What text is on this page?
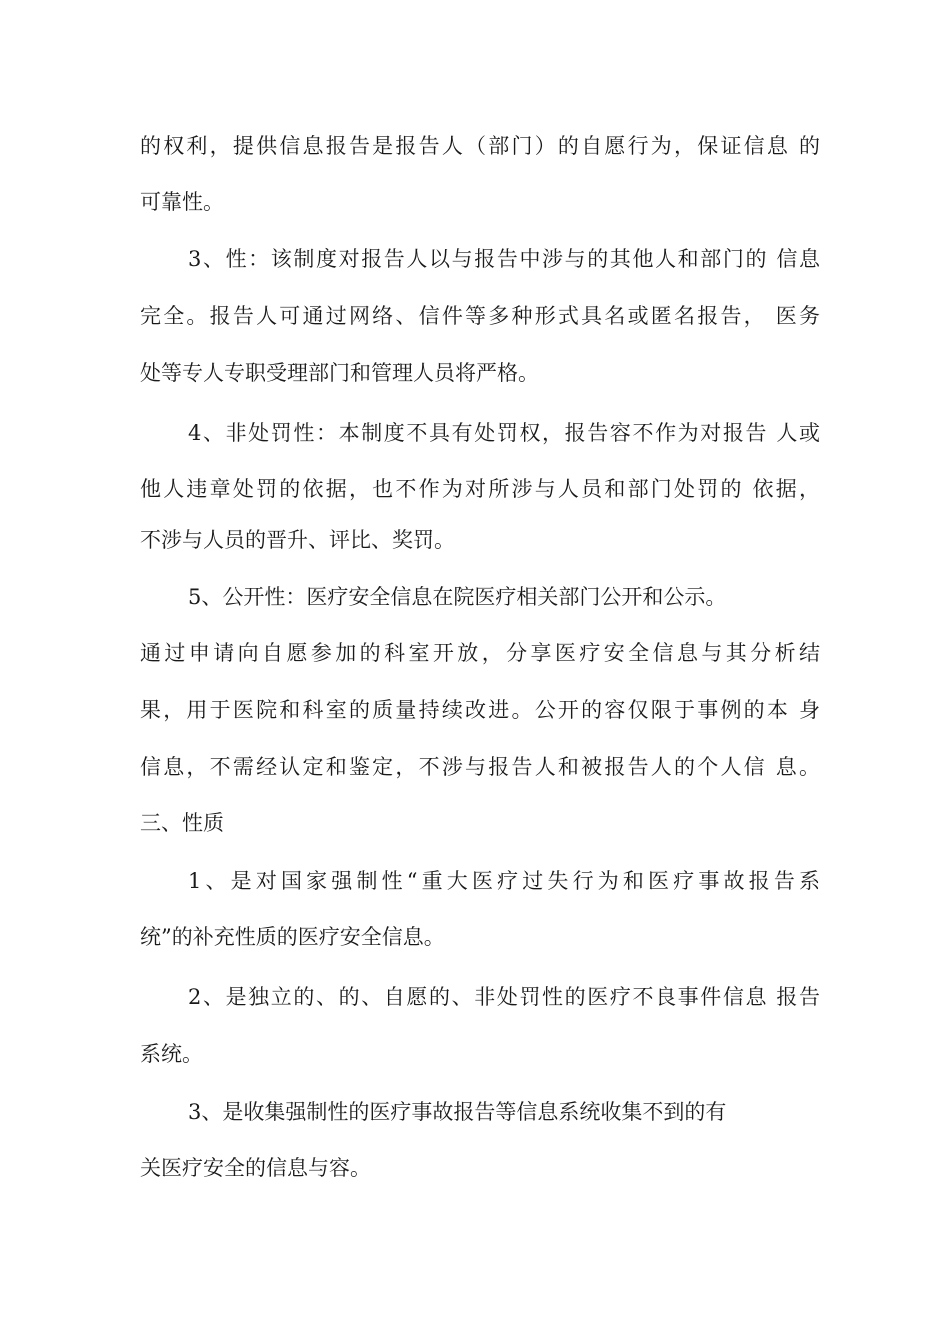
的权利，提供信息报告是报告人（部门）的自愿行为，保证信息 的
可靠性。
3、性：该制度对报告人以与报告中涉与的其他人和部门的 信息
完全。报告人可通过网络、信件等多种形式具名或匿名报告， 医务
处等专人专职受理部门和管理人员将严格。
4、非处罚性：本制度不具有处罚权，报告容不作为对报告 人或
他人违章处罚的依据，也不作为对所涉与人员和部门处罚的 依据，
不涉与人员的晋升、评比、奖罚。
5、公开性：医疗安全信息在院医疗相关部门公开和公示。
通过申请向自愿参加的科室开放，分享医疗安全信息与其分析结
果，用于医院和科室的质量持续改进。公开的容仅限于事例的本 身
信息，不需经认定和鉴定，不涉与报告人和被报告人的个人信 息。
三、性质
1、是对国家强制性“重大医疗过失行为和医疗事故报告系
统”的补充性质的医疗安全信息。
2、是独立的、的、自愿的、非处罚性的医疗不良事件信息 报告
系统。
3、是收集强制性的医疗事故报告等信息系统收集不到的有
关医疗安全的信息与容。
